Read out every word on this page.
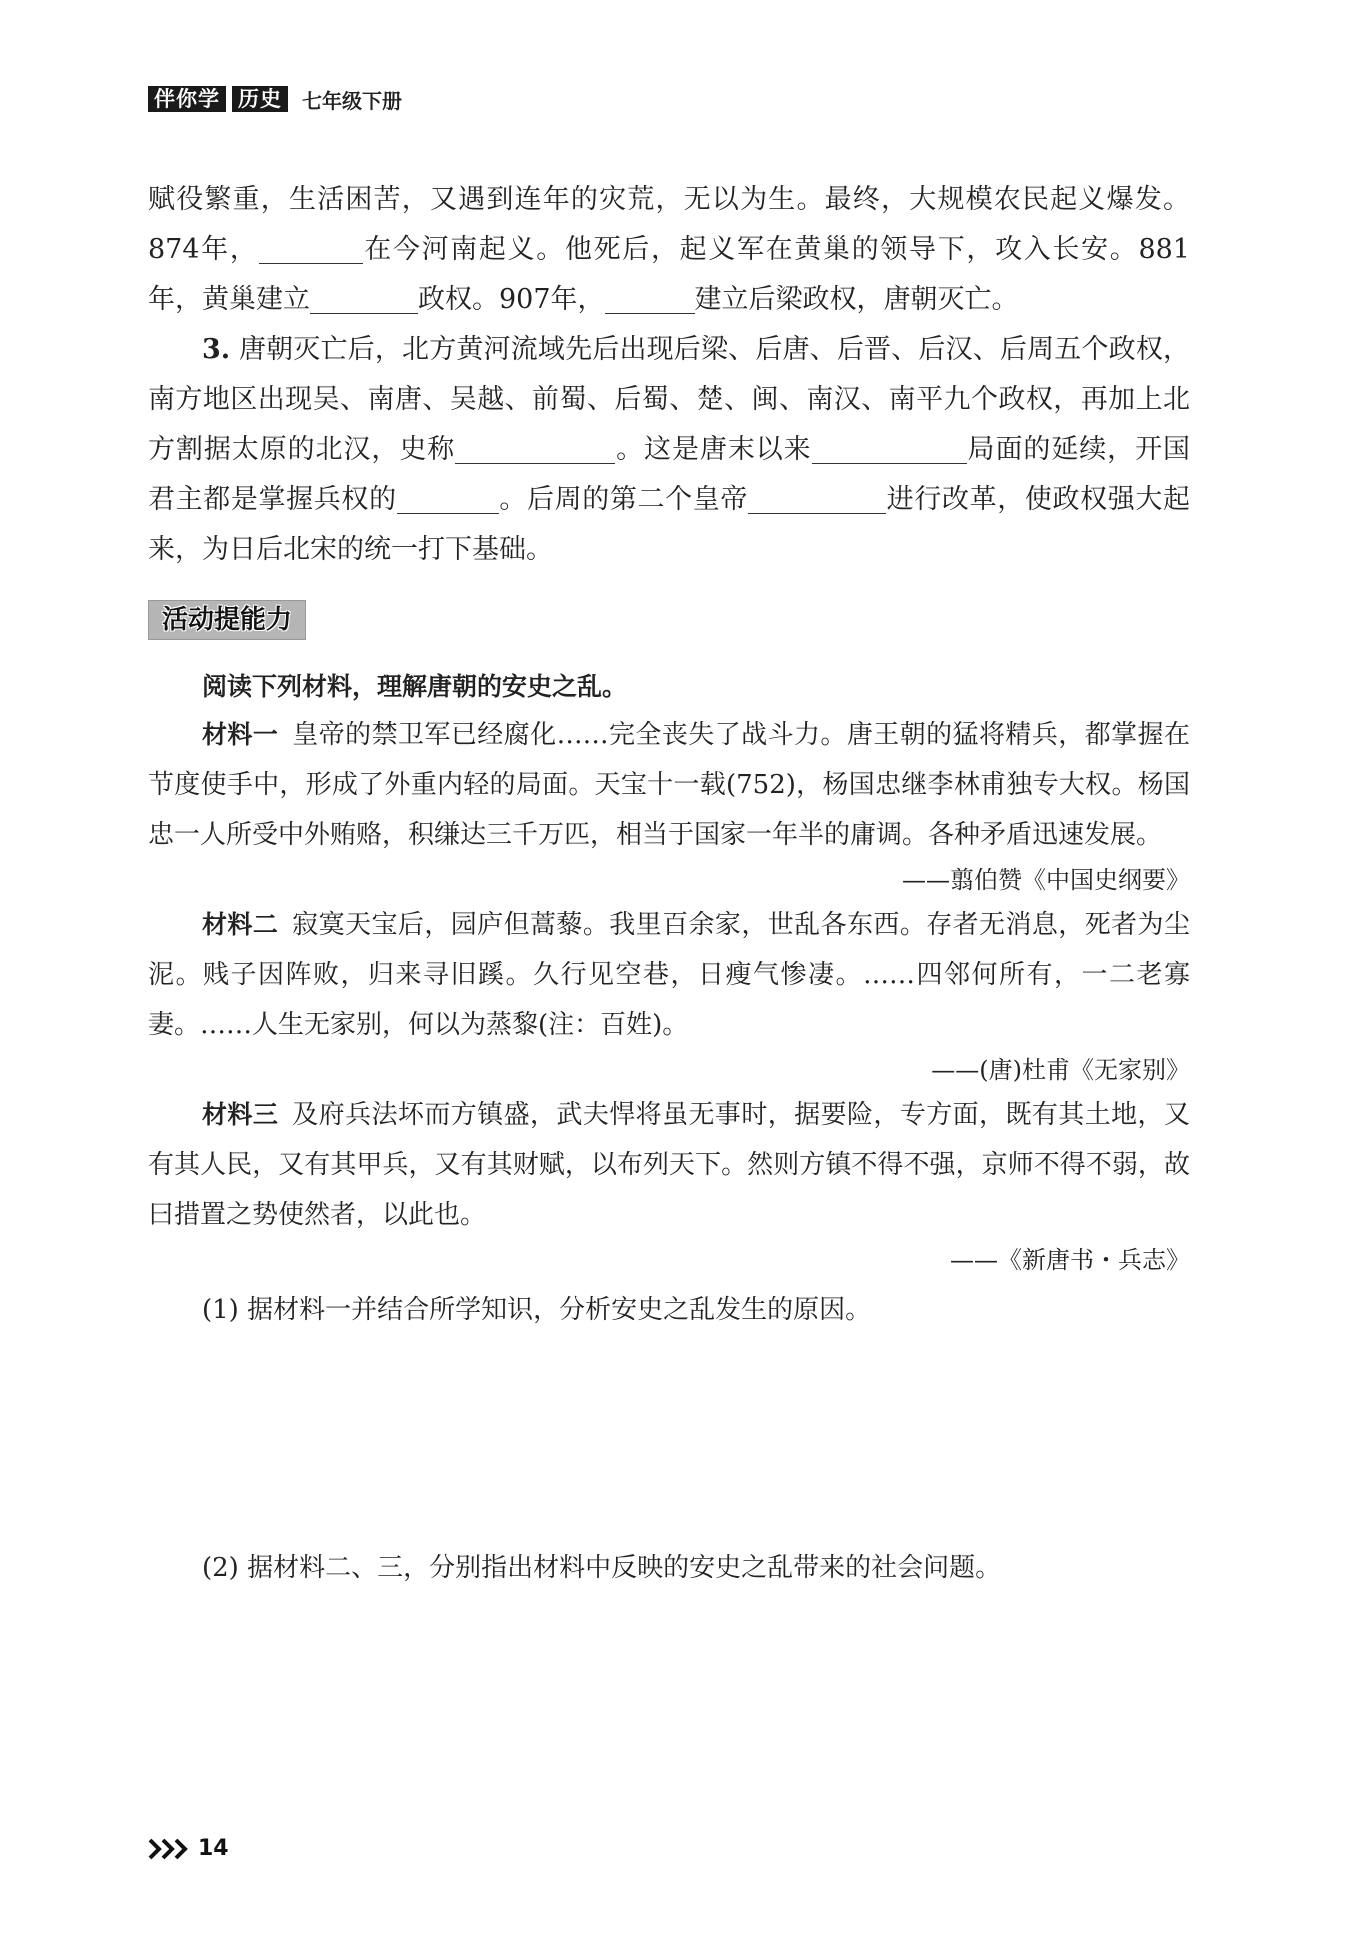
伴你学 历史	七年级下册

赋役繁重，生活困苦，又遇到连年的灾荒，无以为生。最终，大规模农民起义爆发。874年，	在今河南起义。他死后，起义军在黄巢的领导下，攻入长安。881年，黄巢建立	政权。907年，	建立后梁政权，唐朝灭亡。

3. 唐朝灭亡后，北方黄河流域先后出现后梁、后唐、后晋、后汉、后周五个政权，南方地区出现吴、南唐、吴越、前蜀、后蜀、楚、闽、南汉、南平九个政权，再加上北方割据太原的北汉，史称	。这是唐末以来	局面的延续，开国君主都是掌握兵权的	。后周的第二个皇帝	进行改革，使政权强大起来，为日后北宋的统一打下基础。

活动提能力

阅读下列材料，理解唐朝的安史之乱。

材料一 皇帝的禁卫军已经腐化……完全丧失了战斗力。唐王朝的猛将精兵，都掌握在节度使手中，形成了外重内轻的局面。天宝十一载(752)，杨国忠继李林甫独专大权。杨国忠一人所受中外贿赂，积缣达三千万匹，相当于国家一年半的庸调。各种矛盾迅速发展。

——翦伯赞《中国史纲要》

材料二 寂寞天宝后，园庐但蒿藜。我里百余家，世乱各东西。存者无消息，死者为尘泥。贱子因阵败，归来寻旧蹊。久行见空巷，日瘦气惨凄。……四邻何所有，一二老寡妻。……人生无家别，何以为蒸黎(注：百姓)。

——(唐)杜甫《无家别》

材料三 及府兵法坏而方镇盛，武夫悍将虽无事时，据要险，专方面，既有其土地，又有其人民，又有其甲兵，又有其财赋，以布列天下。然则方镇不得不强，京师不得不弱，故曰措置之势使然者，以此也。

——《新唐书・兵志》

(1) 据材料一并结合所学知识，分析安史之乱发生的原因。

(2) 据材料二、三，分别指出材料中反映的安史之乱带来的社会问题。

14
